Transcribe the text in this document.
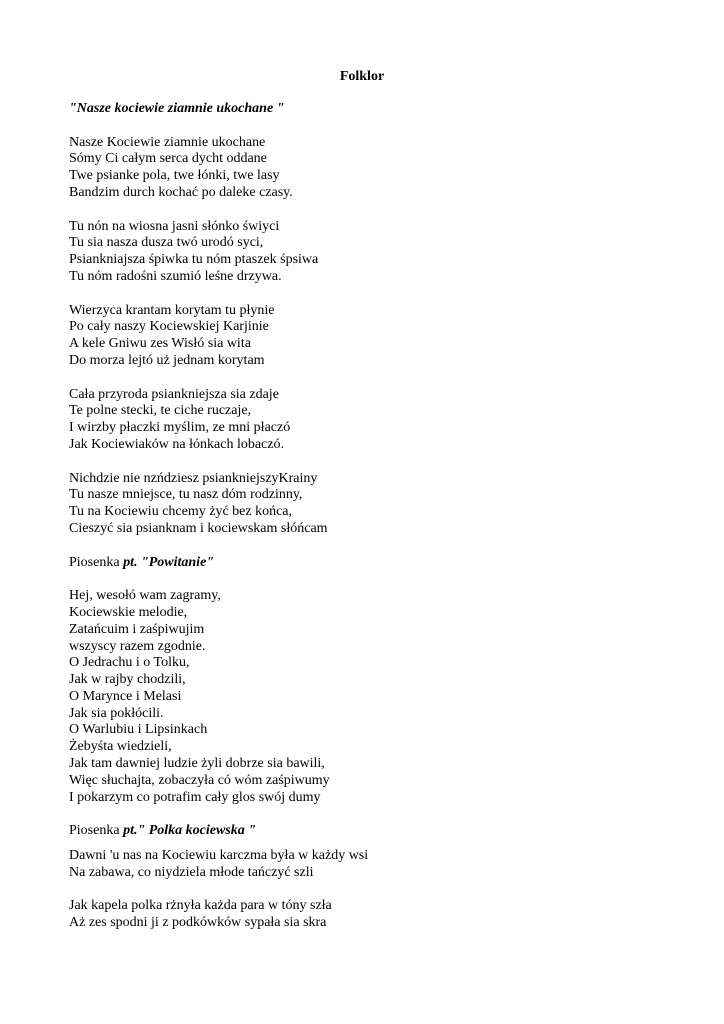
Folklor
"Nasze kociewie ziamnie ukochane "
Nasze Kociewie ziamnie ukochane
Sómy Ci całym serca dycht oddane
Twe psianke pola, twe łónki, twe lasy
Bandzim durch kochać po daleke czasy.
Tu nón na wiosna jasni słónko świyci
Tu sia nasza dusza twó urodó syci,
Psiankniajsza śpiwka tu nóm ptaszek śpsiwa
Tu nóm radośni szumió leśne drzywa.
Wierzyca krantam korytam tu płynie
Po cały naszy Kociewskiej Karjinie
A kele Gniwu zes Wisłó sia wita
Do morza lejtó uż jednam korytam
Cała przyroda psiankniejsza sia zdaje
Te polne stecki, te ciche ruczaje,
I wirzby płaczki myślim, ze mni płaczó
Jak Kociewiaków na łónkach lobaczó.
Nichdzie nie nzńdziesz psiankniejszyKrainy
Tu nasze mniejsce, tu nasz dóm rodzinny,
Tu na Kociewiu chcemy żyć bez końca,
Cieszyć sia psianknam i kociewskam słóńcam
Piosenka pt. "Powitanie"
Hej, wesołó wam zagramy,
Kociewskie melodie,
Zatańcuim i zaśpiwujim
wszyscy razem zgodnie.
O Jedrachu i o Tolku,
Jak w rajby chodzili,
O Marynce i Melasi
Jak sia pokłócili.
O Warlubiu i Lipsinkach
Żebyśta wiedzieli,
Jak tam dawniej ludzie żyli dobrze sia bawili,
Więc słuchajta, zobaczyła có wóm zaśpiwumy
I pokarzym co potrafim cały glos swój dumy
Piosenka pt." Polka kociewska "
Dawni 'u nas na Kociewiu karczma była w każdy wsi
Na zabawa, co niydziela młode tańczyć szli
Jak kapela polka rżnyła każda para w tóny szła
Aż zes spodni ji z podkówków sypała sia skra
